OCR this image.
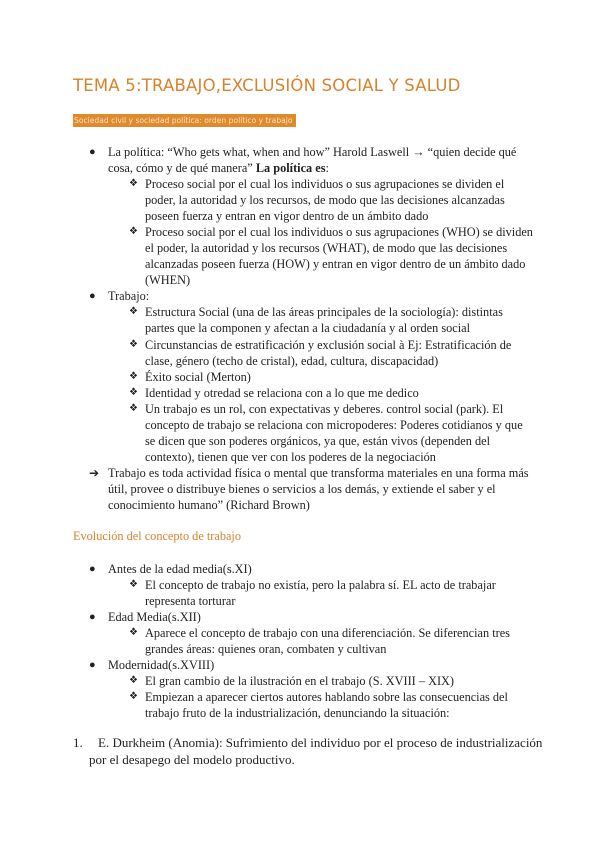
TEMA 5:TRABAJO,EXCLUSIÓN SOCIAL Y SALUD
Sociedad civil y sociedad política: orden político y trabajo
● La política: “Who gets what, when and how” Harold Laswell → “quien decide qué
cosa, cómo y de qué manera” La política es:
❖ Proceso social por el cual los individuos o sus agrupaciones se dividen el
poder, la autoridad y los recursos, de modo que las decisiones alcanzadas
poseen fuerza y entran en vigor dentro de un ámbito dado
❖ Proceso social por el cual los individuos o sus agrupaciones (WHO) se dividen
el poder, la autoridad y los recursos (WHAT), de modo que las decisiones
alcanzadas poseen fuerza (HOW) y entran en vigor dentro de un ámbito dado
(WHEN)
● Trabajo:
❖ Estructura Social (una de las áreas principales de la sociología): distintas
partes que la componen y afectan a la ciudadanía y al orden social
❖ Circunstancias de estratificación y exclusión social à Ej: Estratificación de
clase, género (techo de cristal), edad, cultura, discapacidad)
❖ Éxito social (Merton)
❖ Identidad y otredad se relaciona con a lo que me dedico
❖ Un trabajo es un rol, con expectativas y deberes. control social (park). El
concepto de trabajo se relaciona con micropoderes: Poderes cotidianos y que
se dicen que son poderes orgánicos, ya que, están vivos (dependen del
contexto), tienen que ver con los poderes de la negociación
➔ Trabajo es toda actividad física o mental que transforma materiales en una forma más
útil, provee o distribuye bienes o servicios a los demás, y extiende el saber y el
conocimiento humano” (Richard Brown)
Evolución del concepto de trabajo
● Antes de la edad media(s.XI)
❖ El concepto de trabajo no existía, pero la palabra sí. EL acto de trabajar
representa torturar
● Edad Media(s.XII)
❖ Aparece el concepto de trabajo con una diferenciación. Se diferencian tres
grandes áreas: quienes oran, combaten y cultivan
● Modernidad(s.XVIII)
❖ El gran cambio de la ilustración en el trabajo (S. XVIII – XIX)
❖ Empiezan a aparecer ciertos autores hablando sobre las consecuencias del
trabajo fruto de la industrialización, denunciando la situación:
1. E. Durkheim (Anomia): Sufrimiento del individuo por el proceso de industrialización
por el desapego del modelo productivo.
